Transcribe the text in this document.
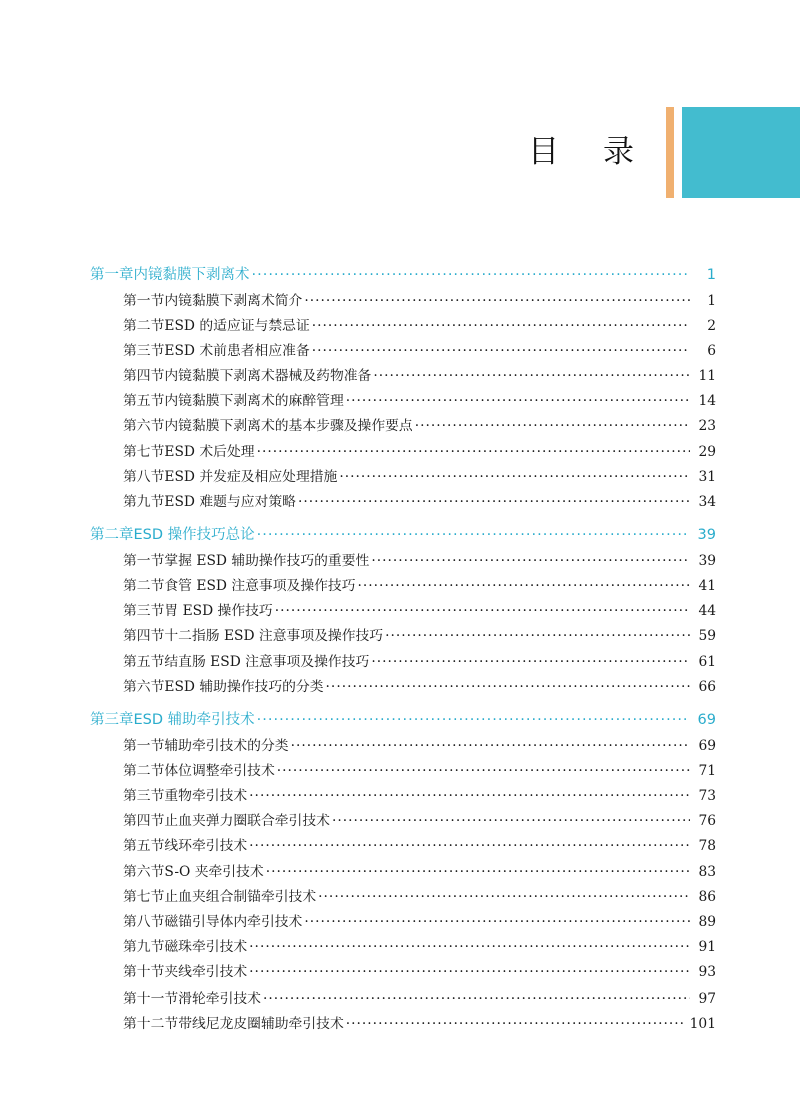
目录
第一章 内镜黏膜下剥离术 ·····	1
第一节 内镜黏膜下剥离术简介 ·····	1
第二节 ESD 的适应证与禁忌证 ·····	2
第三节 ESD 术前患者相应准备 ·····	6
第四节 内镜黏膜下剥离术器械及药物准备 ·····	11
第五节 内镜黏膜下剥离术的麻醉管理 ·····	14
第六节 内镜黏膜下剥离术的基本步骤及操作要点 ·····	23
第七节 ESD 术后处理 ·····	29
第八节 ESD 并发症及相应处理措施 ·····	31
第九节 ESD 难题与应对策略 ·····	34
第二章 ESD 操作技巧总论 ·····	39
第一节 掌握 ESD 辅助操作技巧的重要性 ·····	39
第二节 食管 ESD 注意事项及操作技巧 ·····	41
第三节 胃 ESD 操作技巧 ·····	44
第四节 十二指肠 ESD 注意事项及操作技巧 ·····	59
第五节 结直肠 ESD 注意事项及操作技巧 ·····	61
第六节 ESD 辅助操作技巧的分类 ·····	66
第三章 ESD 辅助牵引技术 ·····	69
第一节 辅助牵引技术的分类 ·····	69
第二节 体位调整牵引技术 ·····	71
第三节 重物牵引技术 ·····	73
第四节 止血夹弹力圈联合牵引技术 ·····	76
第五节 线环牵引技术 ·····	78
第六节 S-O 夹牵引技术 ·····	83
第七节 止血夹组合制锚牵引技术 ·····	86
第八节 磁锚引导体内牵引技术 ·····	89
第九节 磁珠牵引技术 ·····	91
第十节 夹线牵引技术 ·····	93
第十一节 滑轮牵引技术 ·····	97
第十二节 带线尼龙皮圈辅助牵引技术 ·····	101
